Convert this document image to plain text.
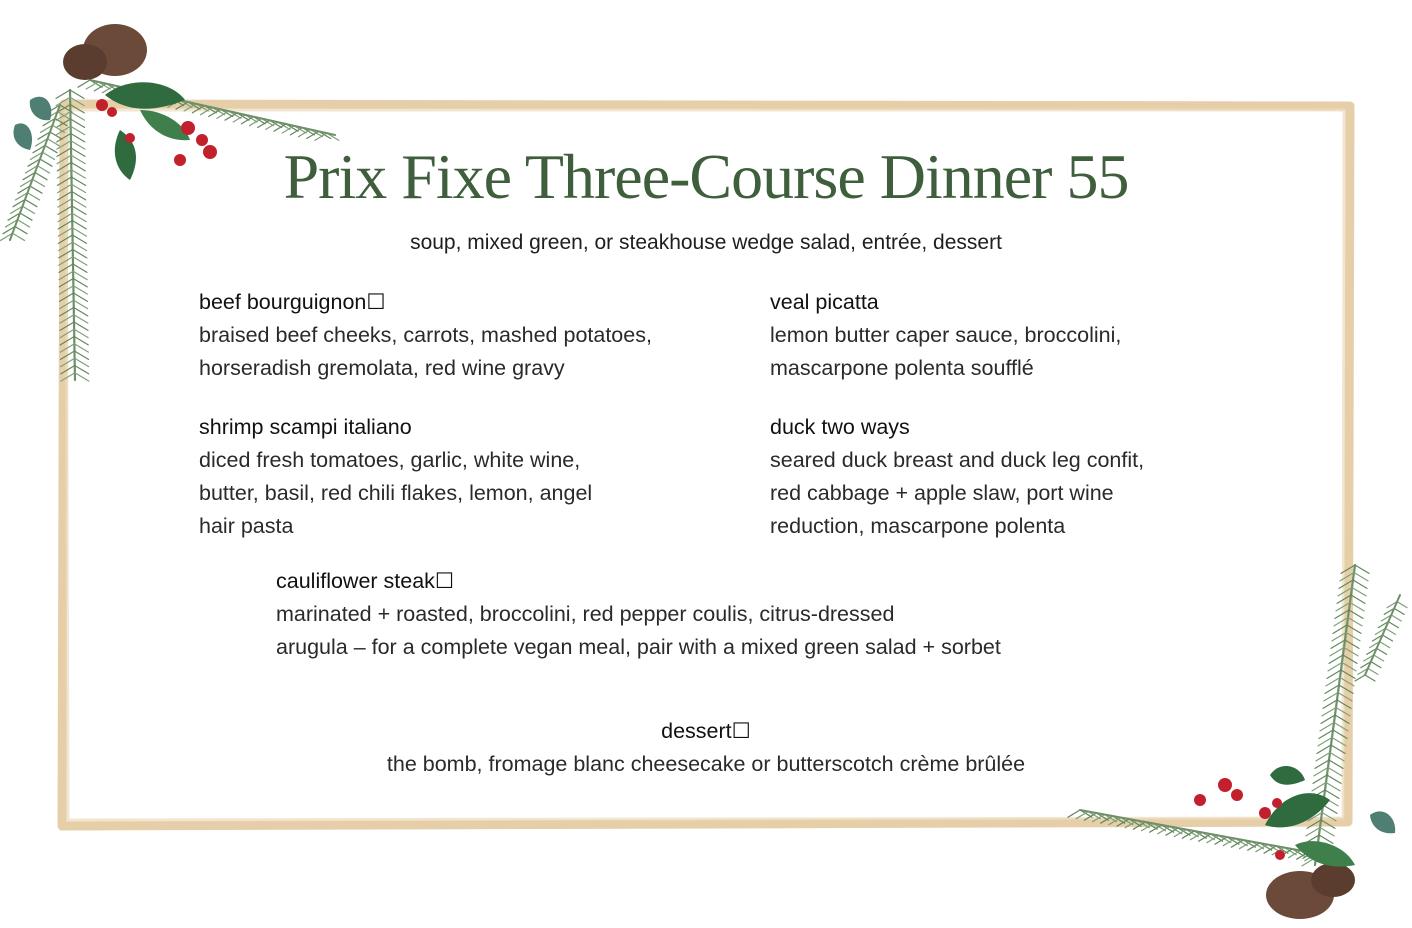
Prix Fixe Three-Course Dinner 55
soup, mixed green, or steakhouse wedge salad, entrée, dessert
beef bourguignon☐
braised beef cheeks, carrots, mashed potatoes,
horseradish gremolata, red wine gravy
veal picatta
lemon butter caper sauce, broccolini,
mascarpone polenta soufflé
shrimp scampi italiano
diced fresh tomatoes, garlic, white wine,
butter, basil, red chili flakes, lemon, angel
hair pasta
duck two ways
seared duck breast and duck leg confit,
red cabbage + apple slaw, port wine
reduction, mascarpone polenta
cauliflower steak☐
marinated + roasted, broccolini, red pepper coulis, citrus-dressed
arugula – for a complete vegan meal, pair with a mixed green salad + sorbet
dessert☐
the bomb, fromage blanc cheesecake or butterscotch crème brûlée
